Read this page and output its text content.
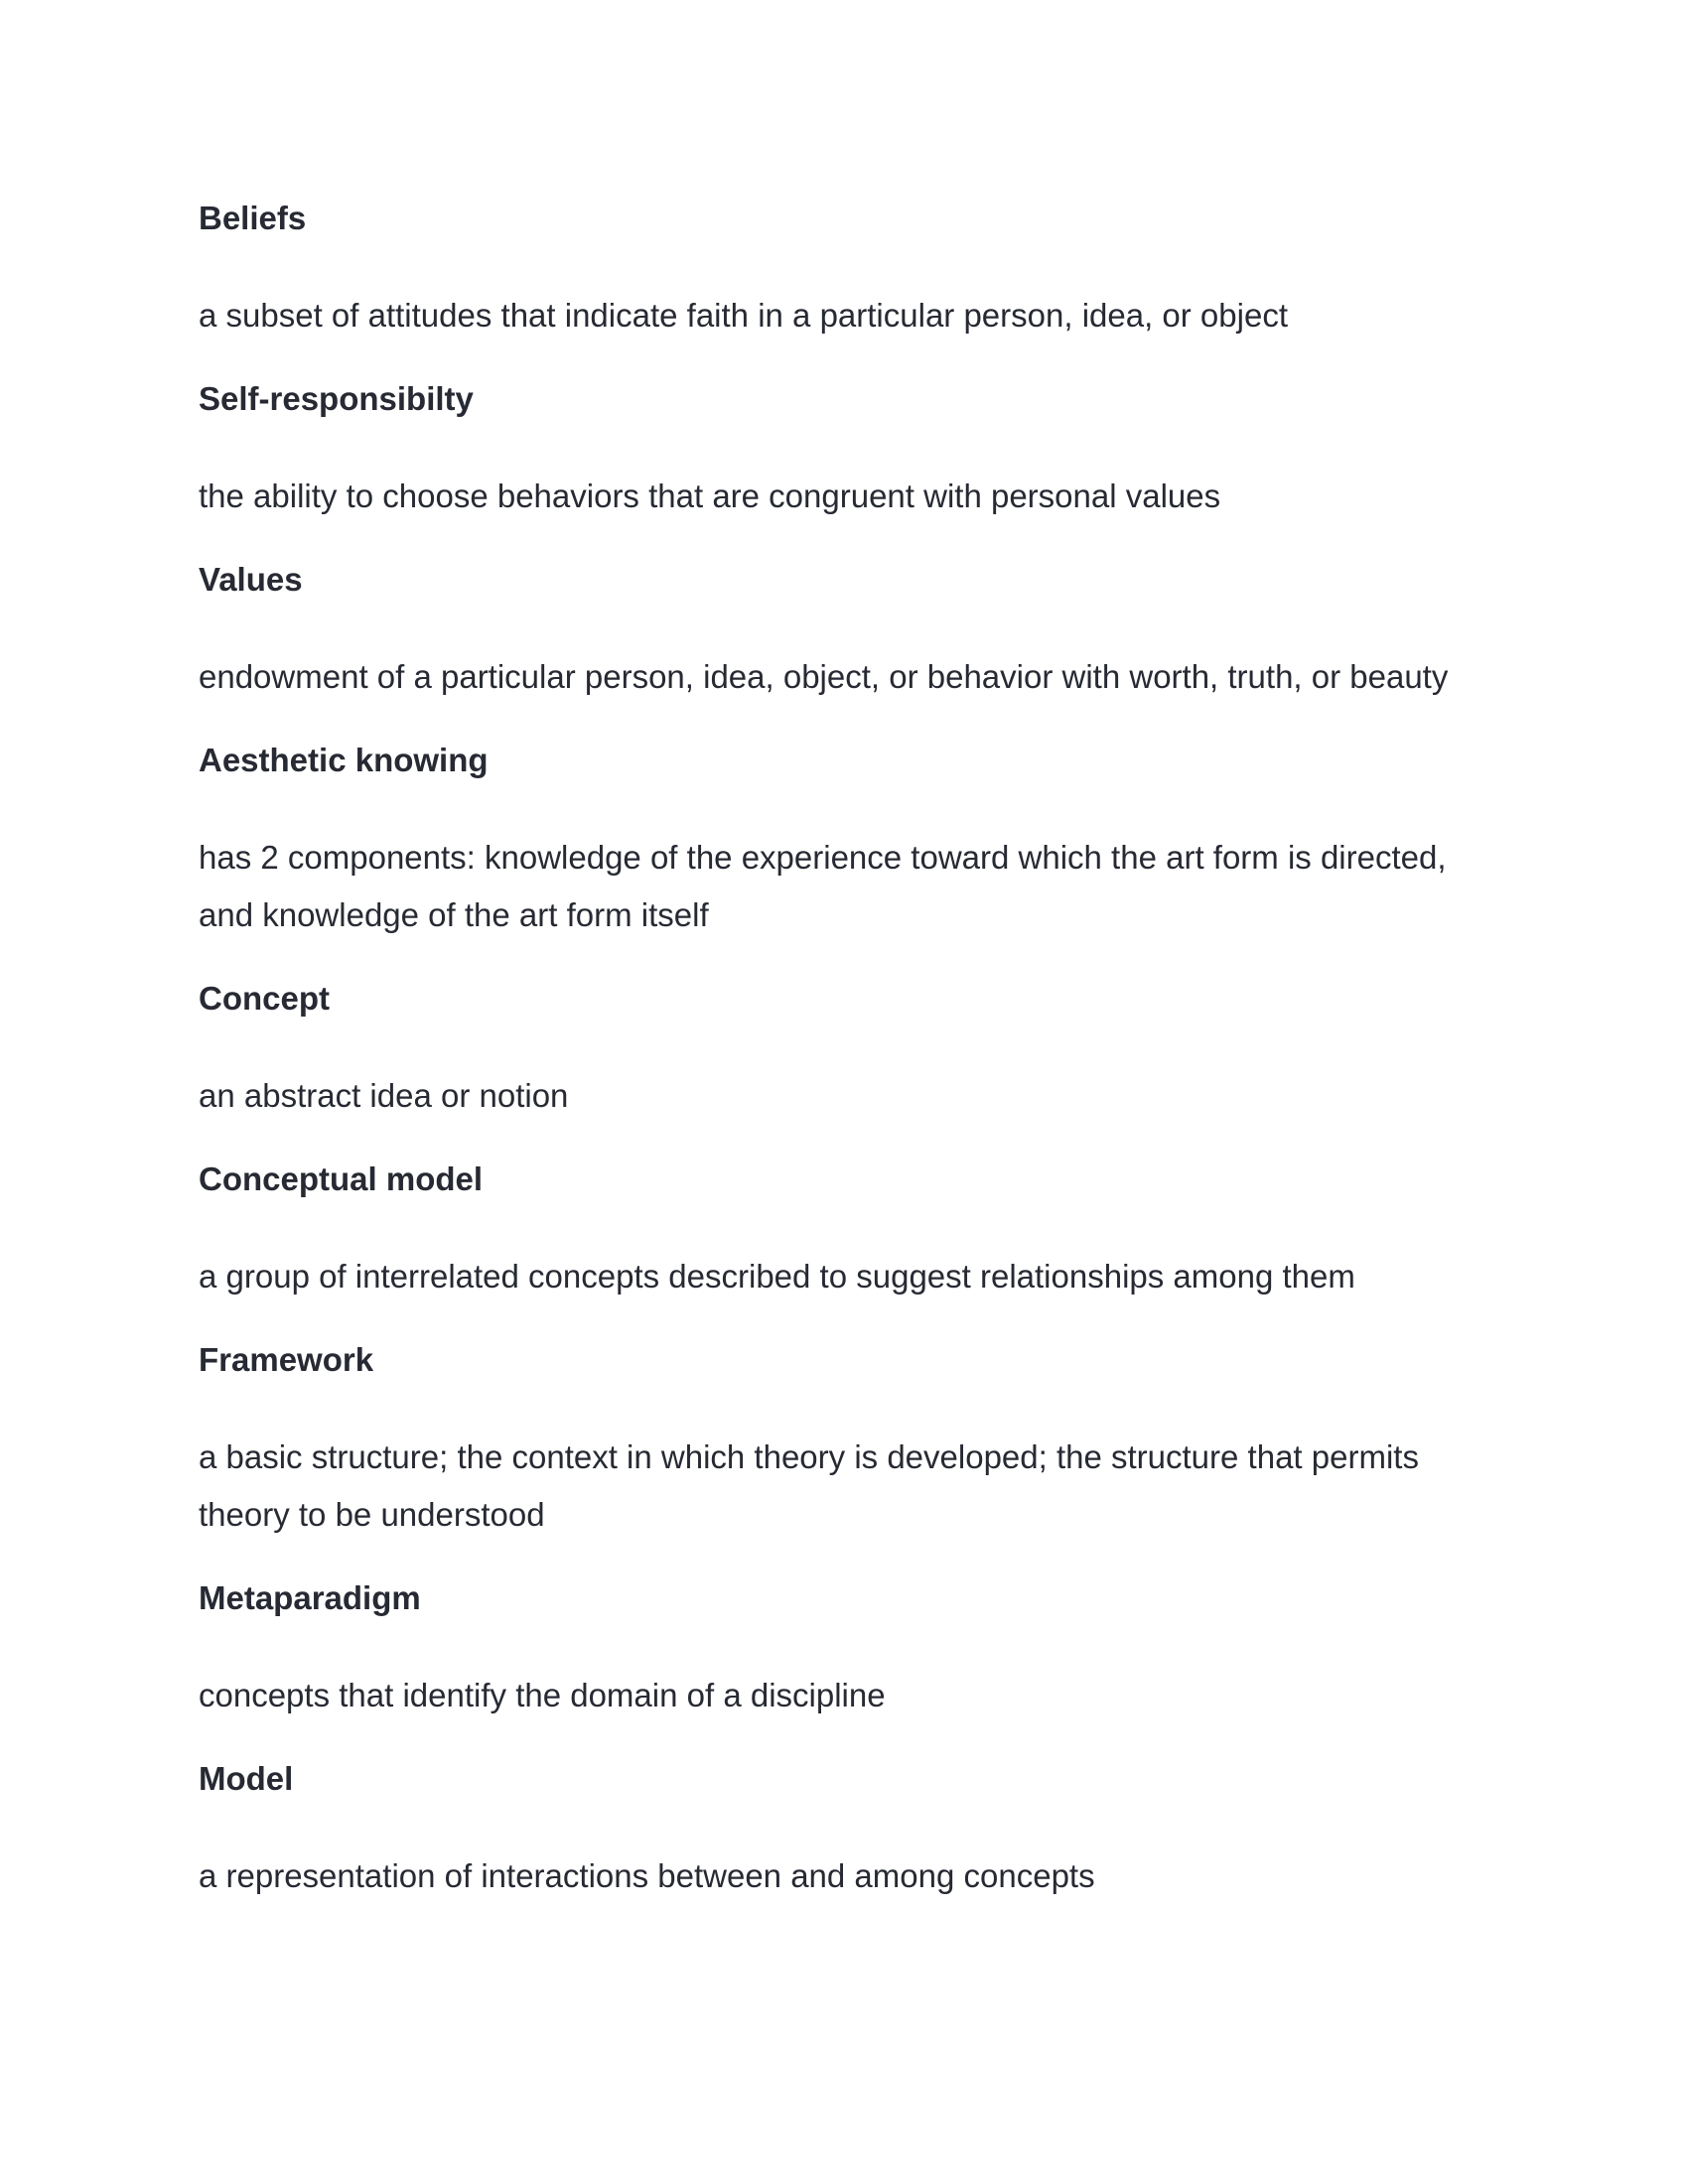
Beliefs

a subset of attitudes that indicate faith in a particular person, idea, or object

Self-responsibilty

the ability to choose behaviors that are congruent with personal values

Values

endowment of a particular person, idea, object, or behavior with worth, truth, or beauty

Aesthetic knowing

has 2 components: knowledge of the experience toward which the art form is directed, and knowledge of the art form itself

Concept

an abstract idea or notion

Conceptual model

a group of interrelated concepts described to suggest relationships among them

Framework

a basic structure; the context in which theory is developed; the structure that permits theory to be understood

Metaparadigm

concepts that identify the domain of a discipline

Model

a representation of interactions between and among concepts
